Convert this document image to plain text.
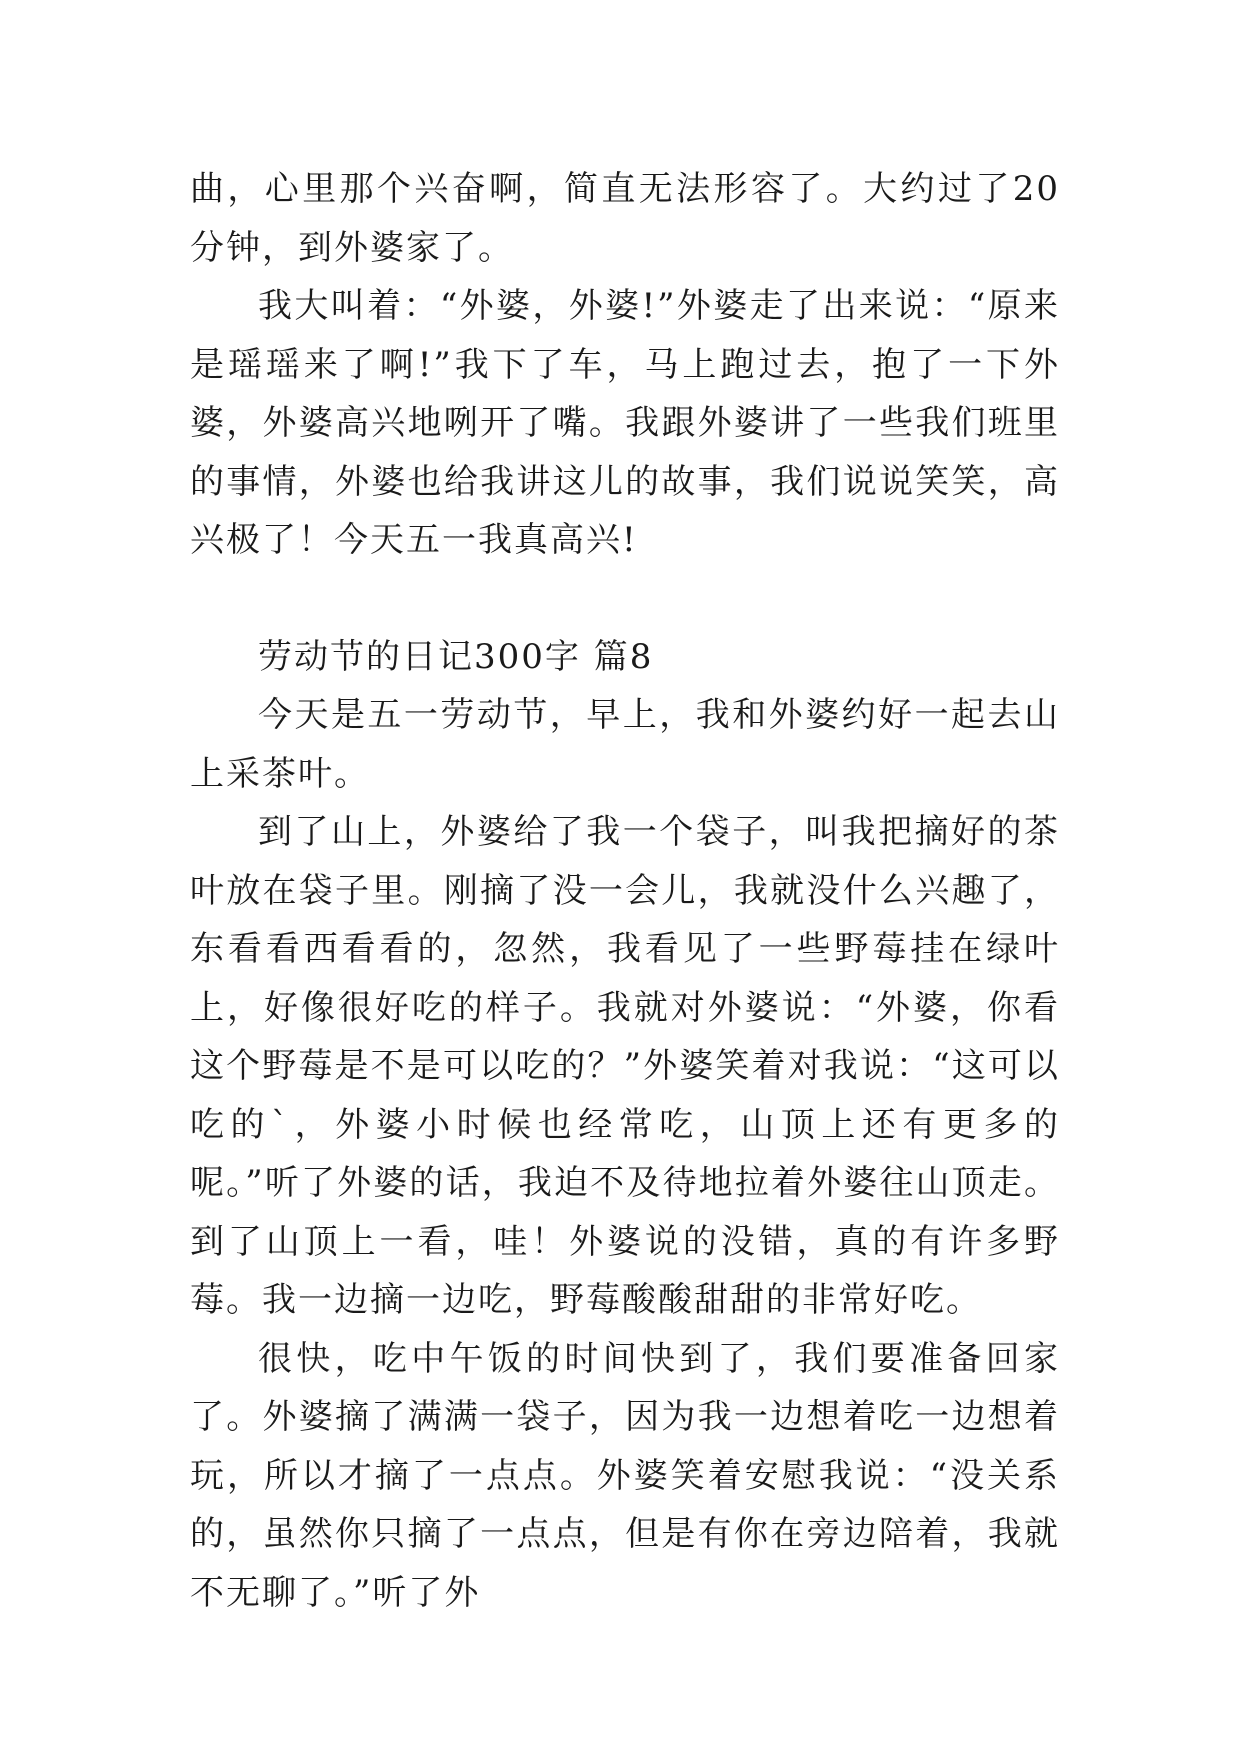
曲，心里那个兴奋啊，简直无法形容了。大约过了20分钟，到外婆家了。

我大叫着：“外婆，外婆!”外婆走了出来说：“原来是瑶瑶来了啊!”我下了车，马上跑过去，抱了一下外婆，外婆高兴地咧开了嘴。我跟外婆讲了一些我们班里的事情，外婆也给我讲这儿的故事，我们说说笑笑，高兴极了！今天五一我真高兴!

劳动节的日记300字 篇8

今天是五一劳动节，早上，我和外婆约好一起去山上采茶叶。

到了山上，外婆给了我一个袋子，叫我把摘好的茶叶放在袋子里。刚摘了没一会儿，我就没什么兴趣了，东看看西看看的，忽然，我看见了一些野莓挂在绿叶上，好像很好吃的样子。我就对外婆说：“外婆，你看这个野莓是不是可以吃的？”外婆笑着对我说：“这可以吃的`，外婆小时候也经常吃，山顶上还有更多的呢。”听了外婆的话，我迫不及待地拉着外婆往山顶走。到了山顶上一看，哇！外婆说的没错，真的有许多野莓。我一边摘一边吃，野莓酸酸甜甜的非常好吃。

很快，吃中午饭的时间快到了，我们要准备回家了。外婆摘了满满一袋子，因为我一边想着吃一边想着玩，所以才摘了一点点。外婆笑着安慰我说：“没关系的，虽然你只摘了一点点，但是有你在旁边陪着，我就不无聊了。”听了外
